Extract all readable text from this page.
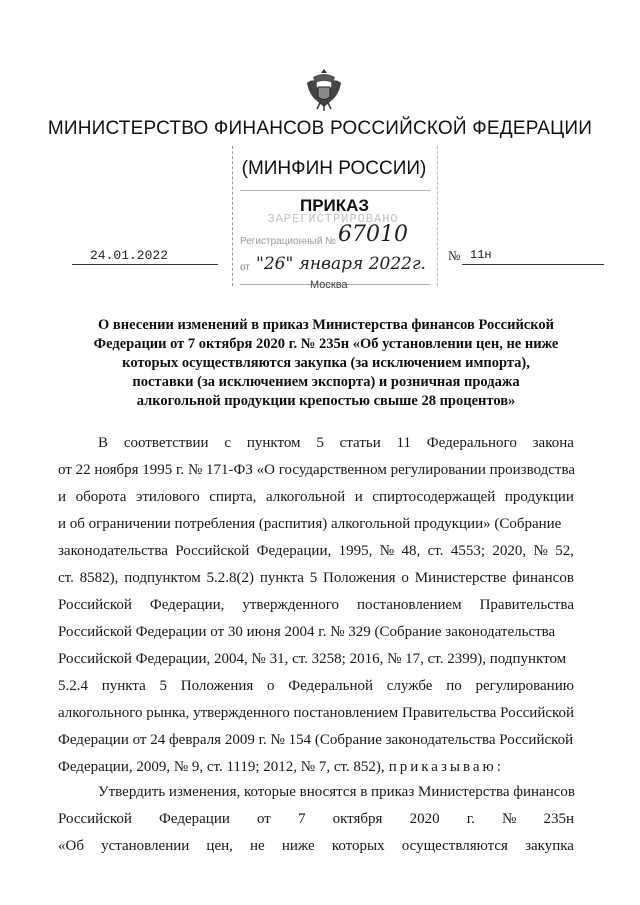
МИНИСТЕРСТВО ФИНАНСОВ РОССИЙСКОЙ ФЕДЕРАЦИИ
(МИНФИН РОССИИ)
ПРИКАЗ
ЗАРЕГИСТРИРОВАНО
Регистрационный № 67010
от "26" января 2022г.
24.01.2022	№ 11н
Москва
О внесении изменений в приказ Министерства финансов Российской
Федерации от 7 октября 2020 г. № 235н «Об установлении цен, не ниже
которых осуществляются закупка (за исключением импорта),
поставки (за исключением экспорта) и розничная продажа
алкогольной продукции крепостью свыше 28 процентов»
В соответствии с пунктом 5 статьи 11 Федерального закона
от 22 ноября 1995 г. № 171-ФЗ «О государственном регулировании производства
и оборота этилового спирта, алкогольной и спиртосодержащей продукции
и об ограничении потребления (распития) алкогольной продукции» (Собрание
законодательства Российской Федерации, 1995, № 48, ст. 4553; 2020, № 52,
ст. 8582), подпунктом 5.2.8(2) пункта 5 Положения о Министерстве финансов
Российской Федерации, утвержденного постановлением Правительства
Российской Федерации от 30 июня 2004 г. № 329 (Собрание законодательства
Российской Федерации, 2004, № 31, ст. 3258; 2016, № 17, ст. 2399), подпунктом
5.2.4 пункта 5 Положения о Федеральной службе по регулированию
алкогольного рынка, утвержденного постановлением Правительства Российской
Федерации от 24 февраля 2009 г. № 154 (Собрание законодательства Российской
Федерации, 2009, № 9, ст. 1119; 2012, № 7, ст. 852), приказываю:
Утвердить изменения, которые вносятся в приказ Министерства финансов
Российской Федерации от 7 октября 2020 г. № 235н
«Об установлении цен, не ниже которых осуществляются закупка
